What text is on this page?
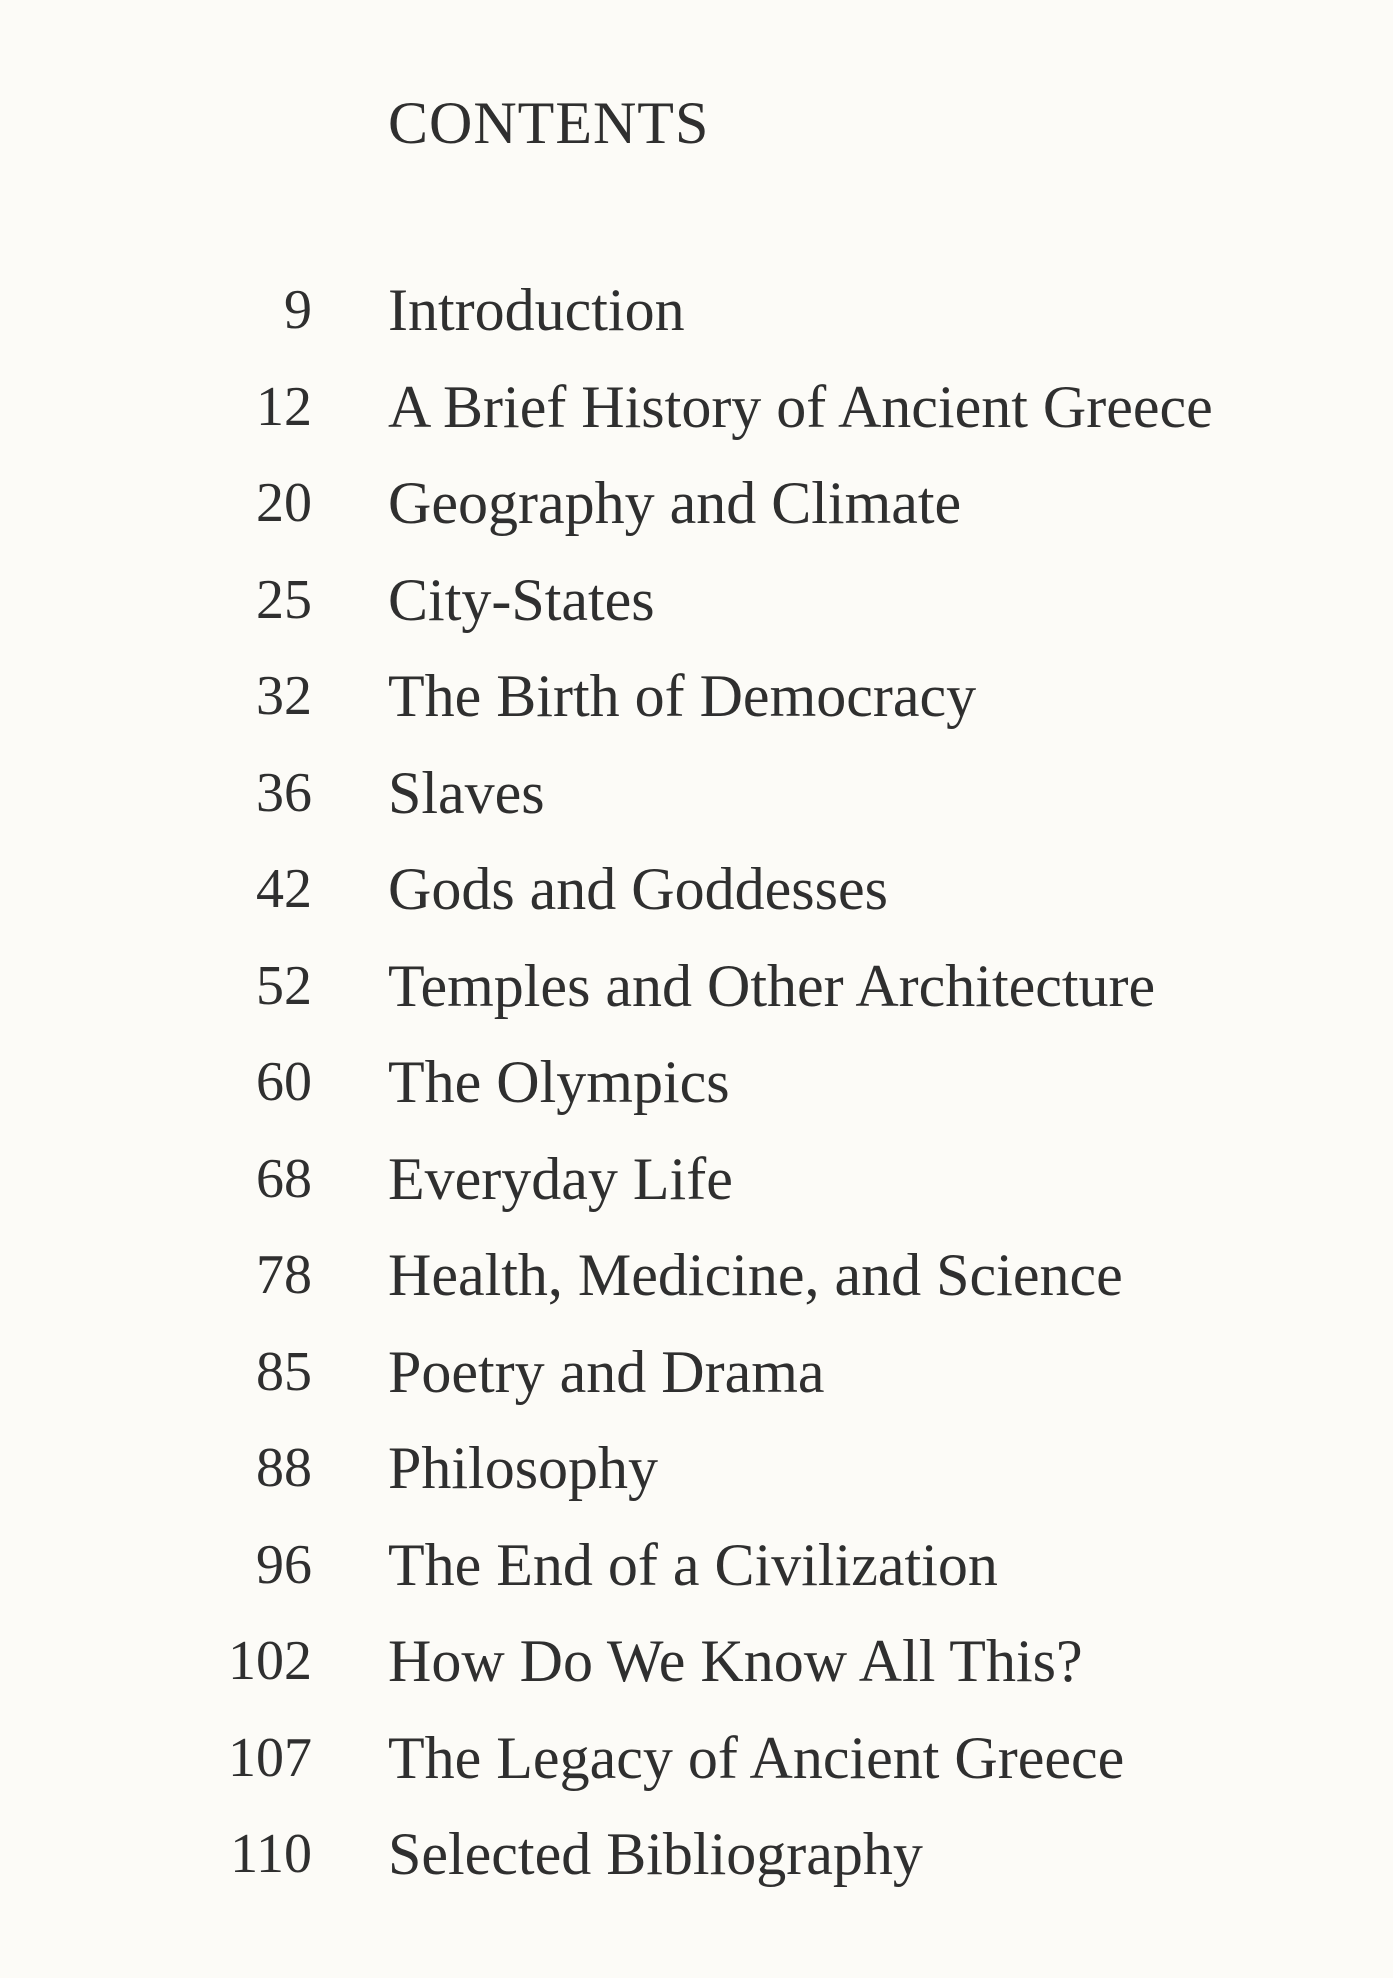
CONTENTS
9 Introduction
12 A Brief History of Ancient Greece
20 Geography and Climate
25 City-States
32 The Birth of Democracy
36 Slaves
42 Gods and Goddesses
52 Temples and Other Architecture
60 The Olympics
68 Everyday Life
78 Health, Medicine, and Science
85 Poetry and Drama
88 Philosophy
96 The End of a Civilization
102 How Do We Know All This?
107 The Legacy of Ancient Greece
110 Selected Bibliography
